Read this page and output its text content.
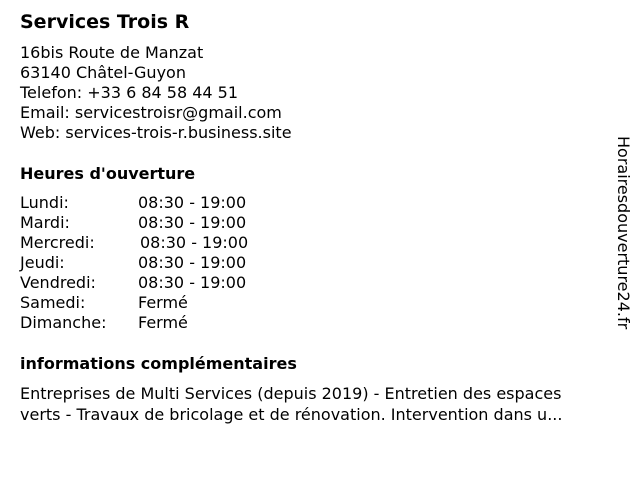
Services Trois R
16bis Route de Manzat
63140 Châtel-Guyon
Telefon: +33 6 84 58 44 51
Email: servicestroisr@gmail.com
Web: services-trois-r.business.site
Heures d'ouverture
Lundi:	08:30 - 19:00
Mardi:	08:30 - 19:00
Mercredi:	08:30 - 19:00
Jeudi:	08:30 - 19:00
Vendredi:	08:30 - 19:00
Samedi:	Fermé
Dimanche:	Fermé
informations complémentaires
Entreprises de Multi Services (depuis 2019) - Entretien des espaces
verts - Travaux de bricolage et de rénovation. Intervention dans u...
Horairesdouverture24.fr
